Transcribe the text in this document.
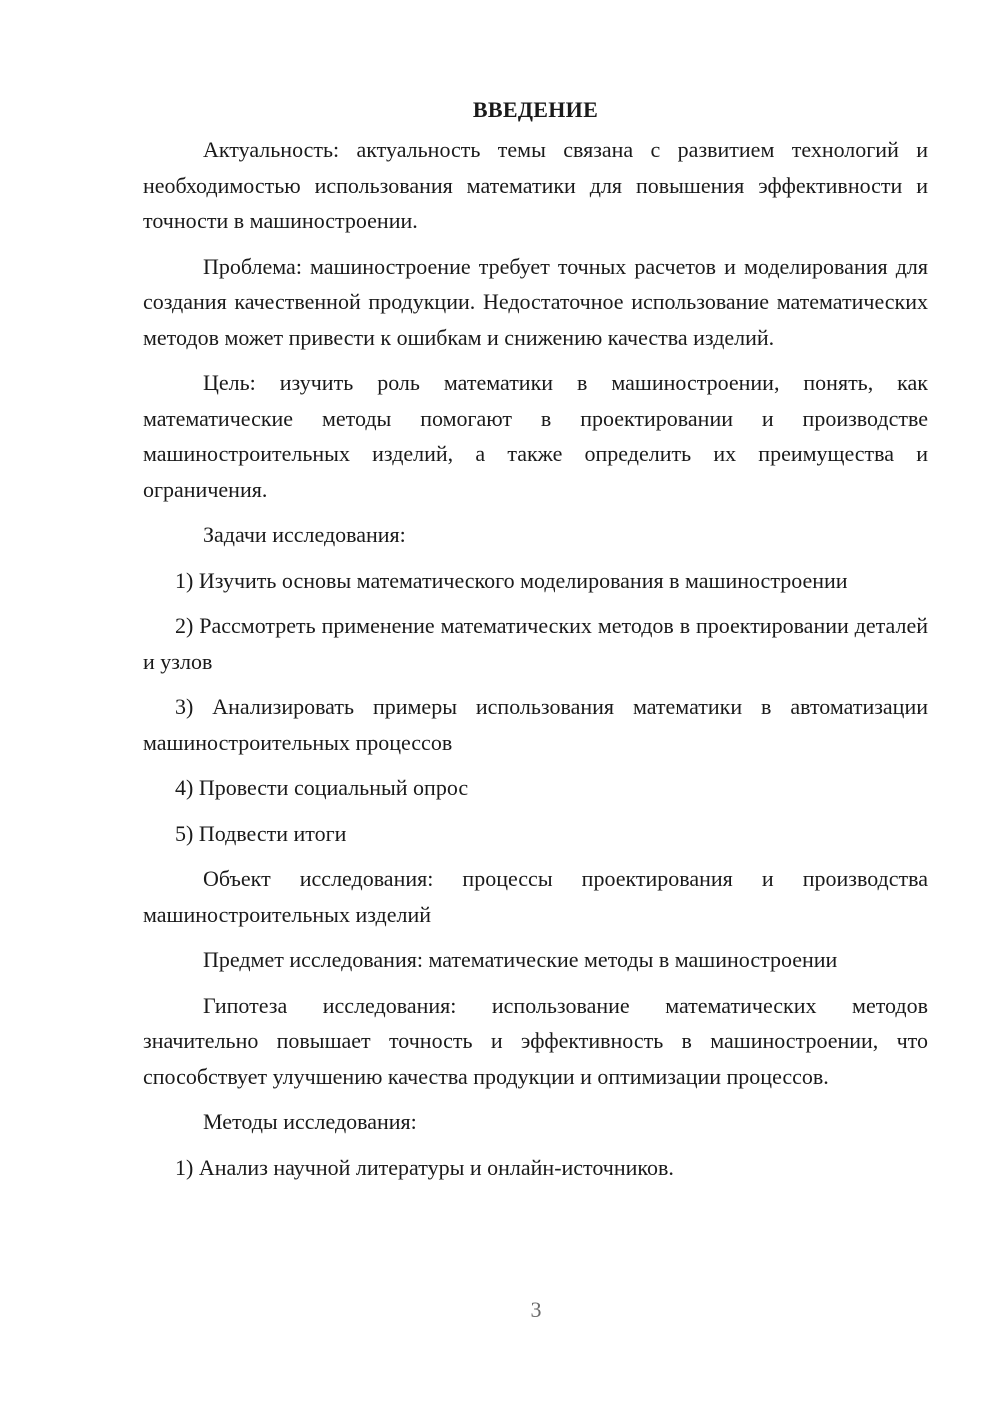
ВВЕДЕНИЕ

Актуальность: актуальность темы связана с развитием технологий и необходимостью использования математики для повышения эффективности и точности в машиностроении.

Проблема: машиностроение требует точных расчетов и моделирования для создания качественной продукции. Недостаточное использование математических методов может привести к ошибкам и снижению качества изделий.

Цель: изучить роль математики в машиностроении, понять, как математические методы помогают в проектировании и производстве машиностроительных изделий, а также определить их преимущества и ограничения.

Задачи исследования:

1) Изучить основы математического моделирования в машиностроении

2) Рассмотреть применение математических методов в проектировании деталей и узлов

3) Анализировать примеры использования математики в автоматизации машиностроительных процессов

4) Провести социальный опрос

5) Подвести итоги

Объект исследования: процессы проектирования и производства машиностроительных изделий

Предмет исследования: математические методы в машиностроении

Гипотеза исследования: использование математических методов значительно повышает точность и эффективность в машиностроении, что способствует улучшению качества продукции и оптимизации процессов.

Методы исследования:

1) Анализ научной литературы и онлайн-источников.

3
